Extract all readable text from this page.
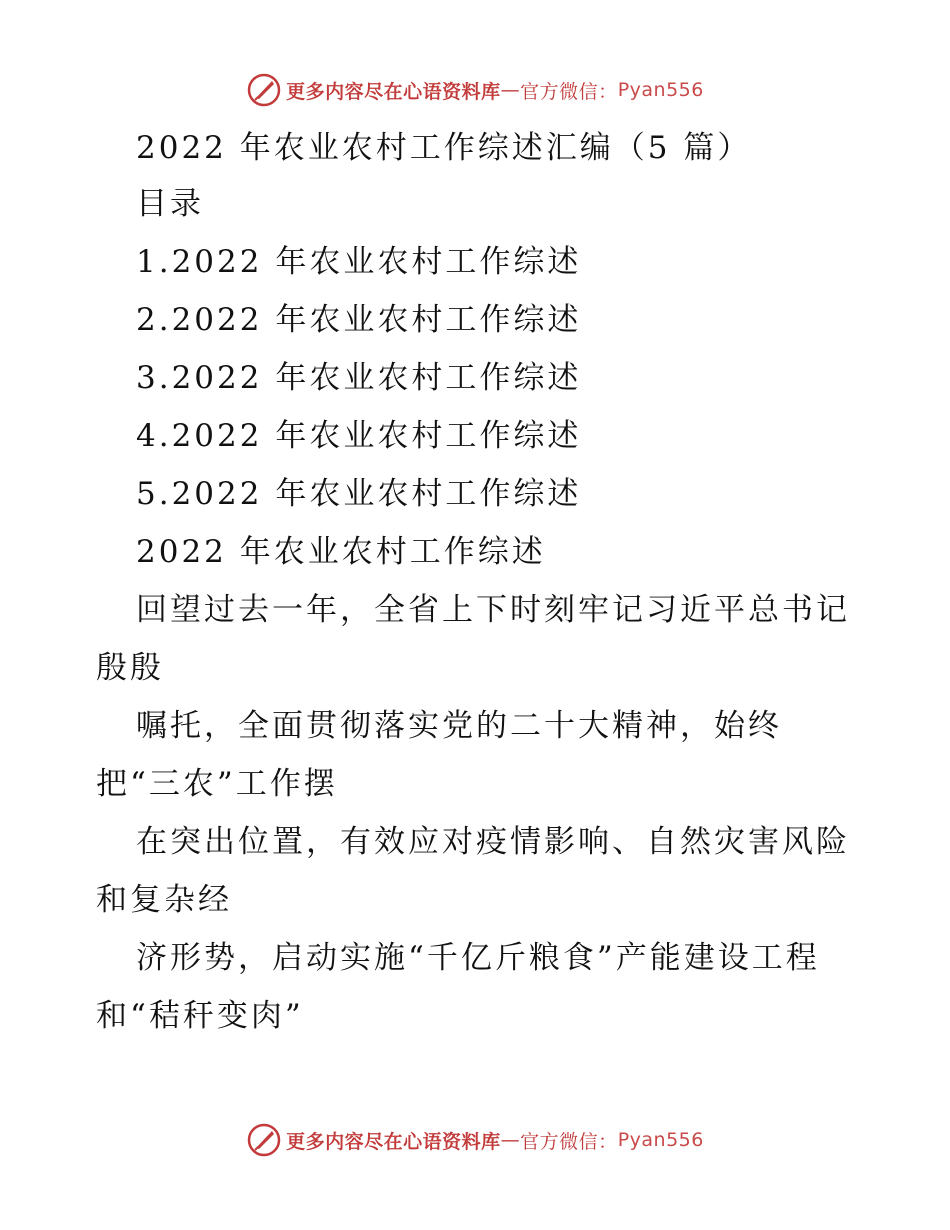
更多内容尽在心语资料库 — 官方微信： Pyan556
2022 年农业农村工作综述汇编（5 篇）
目录
1.2022 年农业农村工作综述
2.2022 年农业农村工作综述
3.2022 年农业农村工作综述
4.2022 年农业农村工作综述
5.2022 年农业农村工作综述
2022 年农业农村工作综述
回望过去一年，全省上下时刻牢记习近平总书记
殷殷
嘱托，全面贯彻落实党的二十大精神，始终
把“三农”工作摆
在突出位置，有效应对疫情影响、自然灾害风险
和复杂经
济形势，启动实施“千亿斤粮食”产能建设工程
和“秸秆变肉”
更多内容尽在心语资料库 — 官方微信： Pyan556
